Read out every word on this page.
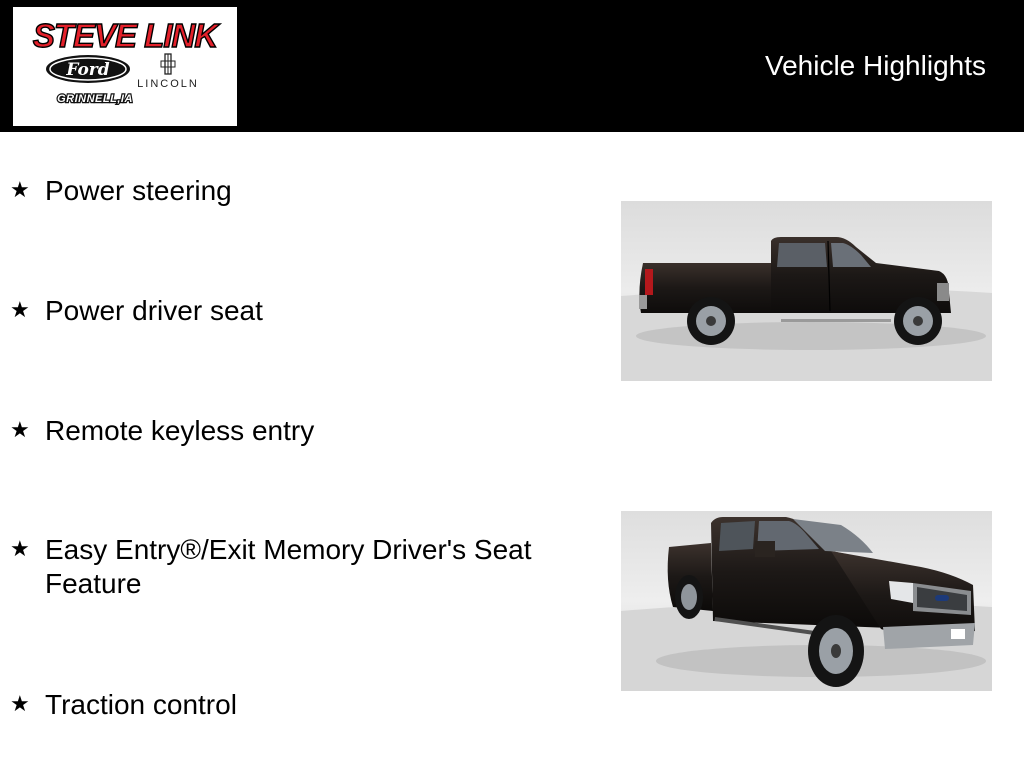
STEVE LINK
Ford
LINCOLN
GRINNELL,IA
Vehicle Highlights
★ Power steering
★ Power driver seat
★ Remote keyless entry
★ Easy Entry®/Exit Memory Driver's Seat Feature
★ Traction control
